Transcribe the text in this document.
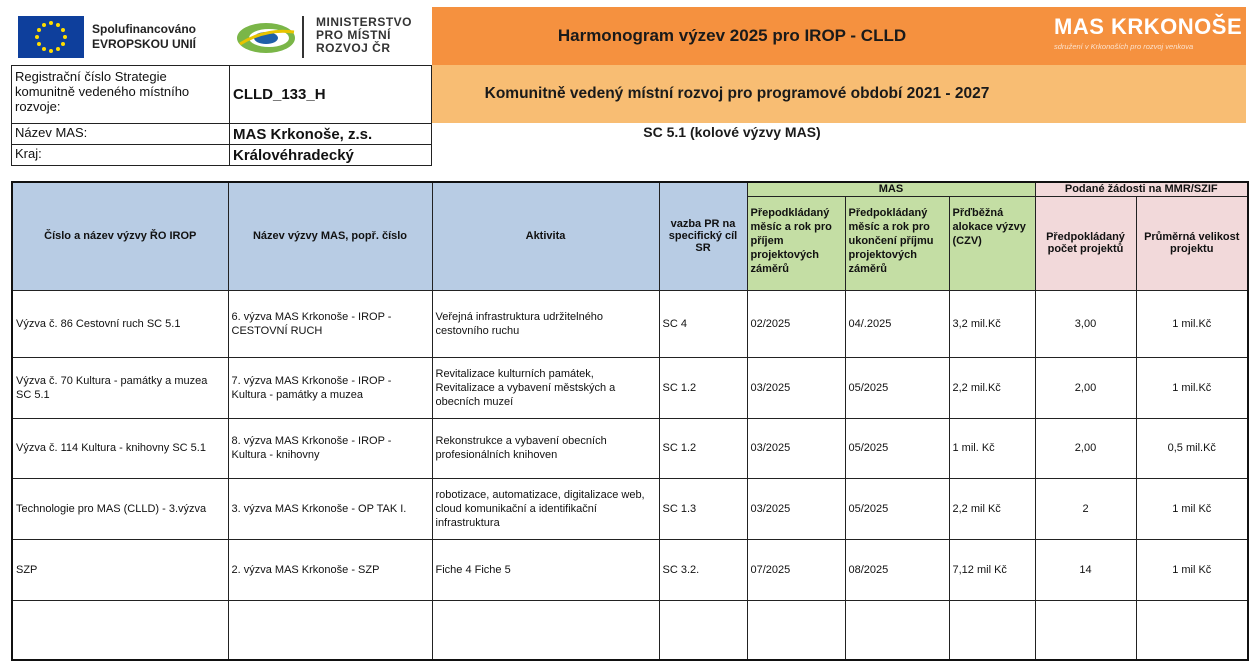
Spolufinancováno
EVROPSKOU UNIÍ
MINISTERSTVO
PRO MÍSTNÍ
ROZVOJ ČR
Harmonogram výzev 2025 pro IROP - CLLD	MAS KRKONOŠE
sdružení v Krkonoších pro rozvoj venkova
Komunitně vedený místní rozvoj pro programové období 2021 - 2027
SC 5.1 (kolové výzvy MAS)
Registrační číslo Strategie komunitně vedeného místního rozvoje:
CLLD_133_H
Název MAS:	MAS Krkonoše, z.s.
Kraj:	Královéhradecký
Číslo a název výzvy ŘO IROP	Název výzvy MAS, popř. číslo	Aktivita	vazba PR na specifický cíl SR	MAS			Podané žádosti na MMR/SZIF	
				Přepodkládaný měsíc a rok pro příjem projektových záměrů	Předpokládaný měsíc a rok pro ukončení příjmu projektových záměrů	Přďběžná alokace výzvy (CZV)	Předpokládaný počet projektů	Průměrná velikost projektu
Výzva č. 86 Cestovní ruch SC 5.1	6. výzva MAS Krkonoše - IROP - CESTOVNÍ RUCH	Veřejná infrastruktura udržitelného cestovního ruchu	SC 4	02/2025	04/.2025	3,2 mil.Kč	3,00	1 mil.Kč
Výzva č. 70 Kultura - památky a muzea SC 5.1	7. výzva MAS Krkonoše - IROP - Kultura - památky a muzea	Revitalizace kulturních památek, Revitalizace a vybavení městských a obecních muzeí	SC 1.2	03/2025	05/2025	2,2 mil.Kč	2,00	1 mil.Kč
Výzva č. 114 Kultura - knihovny SC 5.1	8. výzva MAS Krkonoše - IROP - Kultura - knihovny	Rekonstrukce a vybavení obecních profesionálních knihoven	SC 1.2	03/2025	05/2025	1 mil. Kč	2,00	0,5 mil.Kč
Technologie pro MAS (CLLD) - 3.výzva	3. výzva MAS Krkonoše - OP TAK I.	robotizace, automatizace, digitalizace web, cloud komunikační a identifikační infrastruktura	SC 1.3	03/2025	05/2025	2,2 mil Kč	2	1 mil Kč
SZP	2. výzva MAS Krkonoše - SZP	Fiche 4 Fiche 5	SC 3.2.	07/2025	08/2025	7,12 mil Kč	14	1 mil Kč
